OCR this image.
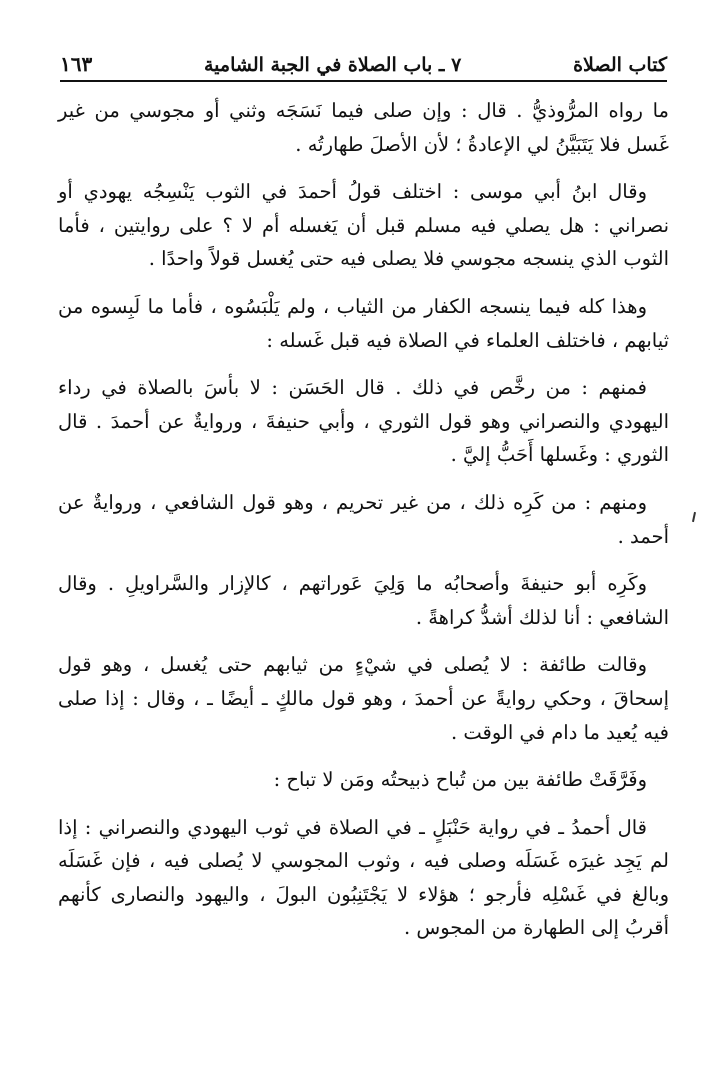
كتاب الصلاة
٧ ـ باب الصلاة في الجبة الشامية
١٦٣

ما رواه المرُّوذيُّ . قال : وإن صلى فيما نَسَجَه وثني أو مجوسي من غير غَسل فلا يَتَبَيَّنُ لي الإعادةُ ؛ لأن الأصلَ طهارتُه .

وقال ابنُ أبي موسى : اختلف قولُ أحمدَ في الثوب يَنْسِجُه يهودي أو نصراني : هل يصلي فيه مسلم قبل أن يَغسله أم لا ؟ على روايتين ، فأما الثوب الذي ينسجه مجوسي فلا يصلى فيه حتى يُغسل قولاً واحدًا .

وهذا كله فيما ينسجه الكفار من الثياب ، ولم يَلْبَسُوه ، فأما ما لَبِسوه من ثيابهم ، فاختلف العلماء في الصلاة فيه قبل غَسله :

فمنهم : من رخَّص في ذلك . قال الحَسَن : لا بأسَ بالصلاة في رداء اليهودي والنصراني وهو قول الثوري ، وأبي حنيفةَ ، وروايةٌ عن أحمدَ . قال الثوري : وغَسلها أَحَبُّ إليَّ .

ومنهم : من كَرِه ذلك ، من غير تحريم ، وهو قول الشافعي ، وروايةٌ عن أحمد .

وكَرِه أبو حنيفةَ وأصحابُه ما وَلِيَ عَوراتهم ، كالإزار والسَّراويلِ . وقال الشافعي : أنا لذلك أشدُّ كراهةً .

وقالت طائفة : لا يُصلى في شيْءٍ من ثيابهم حتى يُغسل ، وهو قول إسحاقَ ، وحكي روايةً عن أحمدَ ، وهو قول مالكٍ ـ أيضًا ـ ، وقال : إذا صلى فيه يُعيد ما دام في الوقت .

وفَرَّقَتْ طائفة بين من تُباح ذبيحتُه ومَن لا تباح :

قال أحمدُ ـ في رواية حَنْبَلٍ ـ في الصلاة في ثوب اليهودي والنصراني : إذا لم يَجِد غيرَه غَسَلَه وصلى فيه ، وثوب المجوسي لا يُصلى فيه ، فإن غَسَلَه وبالغ في غَسْلِه فأرجو ؛ هؤلاء لا يَجْتَنِبُون البولَ ، واليهود والنصارى كأنهم أقربُ إلى الطهارة من المجوس .
